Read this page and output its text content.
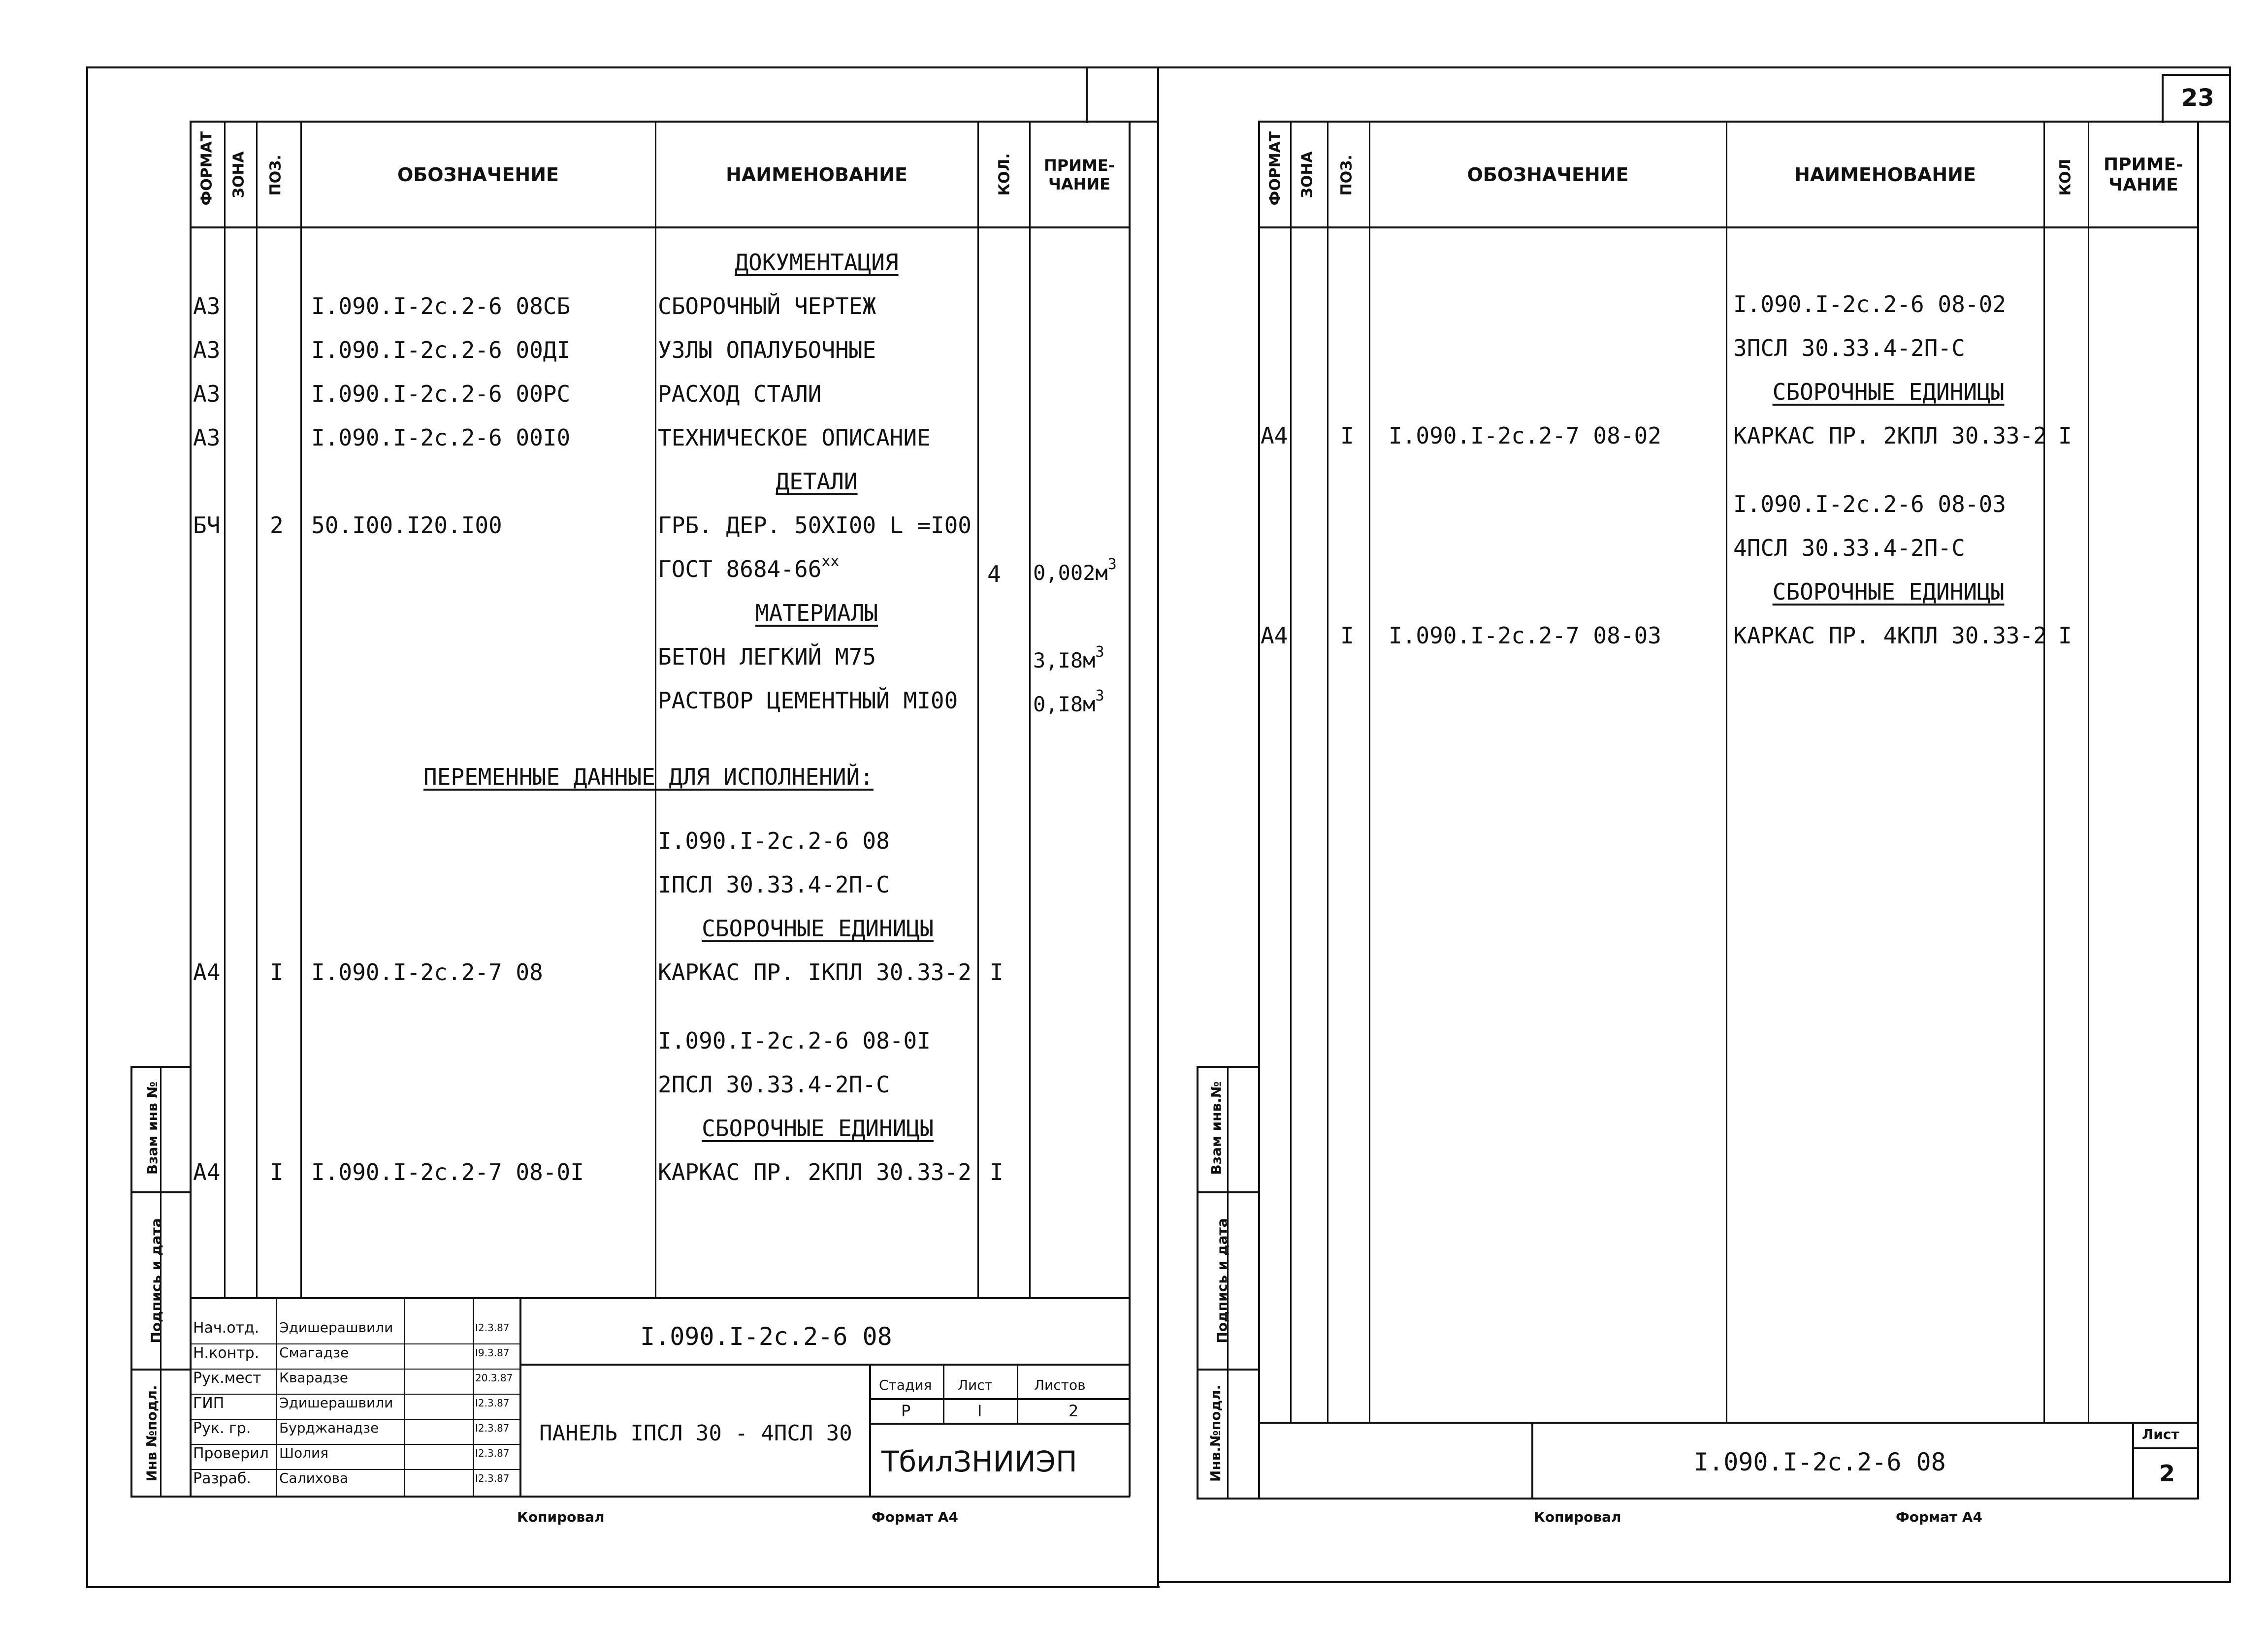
ФОРМАТ ЗОНА ПОЗ.	ОБОЗНАЧЕНИЕ	НАИМЕНОВАНИЕ	КОЛ. ПРИМЕ-
ЧАНИЕ
ДОКУМЕНТАЦИЯ
А3	I.090.I-2с.2-6 08СБ	СБОРОЧНЫЙ ЧЕРТЕЖ
А3	I.090.I-2с.2-6 00ДI	УЗЛЫ ОПАЛУБОЧНЫЕ
А3	I.090.I-2с.2-6 00РС	РАСХОД СТАЛИ
А3	I.090.I-2с.2-6 00I0	ТЕХНИЧЕСКОЕ ОПИСАНИЕ
ДЕТАЛИ
БЧ 2 50.I00.I20.I00	ГРБ. ДЕР. 50ХI00 L =I00
ГОСТ $8684-66^{хх}$	4 $0,002м^3$
МАТЕРИАЛЫ
БЕТОН ЛЕГКИЙ М75	$3,I8м^3$
РАСТВОР ЦЕМЕНТНЫЙ МI00	$0,I8м^3$
ПЕРЕМЕННЫЕ ДАННЫЕ ДЛЯ ИСПОЛНЕНИЙ:
I.090.I-2с.2-6 08
IПСЛ 30.33.4-2П-С
СБОРОЧНЫЕ ЕДИНИЦЫ
А4 I I.090.I-2с.2-7 08	КАРКАС ПР. IКПЛ 30.33-2 I
I.090.I-2с.2-6 08-0I
2ПСЛ 30.33.4-2П-С
СБОРОЧНЫЕ ЕДИНИЦЫ
А4 I I.090.I-2с.2-7 08-0I	КАРКАС ПР. 2КПЛ 30.33-2 I
Нач.отд. Эдишерашвили	I2.3.87
Н.контр. Смагадзе	I9.3.87
Рук.мест Кварадзе	20.3.87
ГИП	Эдишерашвили	I2.3.87
Рук. гр. Бурджанадзе	I2.3.87
Проверил Шолия	I2.3.87
Разраб. Салихова	I2.3.87
I.090.I-2с.2-6 08
ПАНЕЛЬ IПСЛ 30 - 4ПСЛ 30
Стадия Лист	Листов
Р	I	2
ТбилЗНИИЭП
Взам инв №
Подпись и дата
Инв №подл.
Копировал	Формат А4
23
ФОРМАТ ЗОНА ПОЗ.	ОБОЗНАЧЕНИЕ	НАИМЕНОВАНИЕ	КОЛ ПРИМЕ-
ЧАНИЕ
I.090.I-2с.2-6 08-02
3ПСЛ 30.33.4-2П-С
СБОРОЧНЫЕ ЕДИНИЦЫ
А4 I I.090.I-2с.2-7 08-02	КАРКАС ПР. 2КПЛ 30.33-2 I
I.090.I-2с.2-6 08-03
4ПСЛ 30.33.4-2П-С
СБОРОЧНЫЕ ЕДИНИЦЫ
А4 I I.090.I-2с.2-7 08-03	КАРКАС ПР. 4КПЛ 30.33-2 I
I.090.I-2с.2-6 08
Лист
2
Взам инв.№
Подпись и дата
Инв.№подл.
Копировал	Формат А4
